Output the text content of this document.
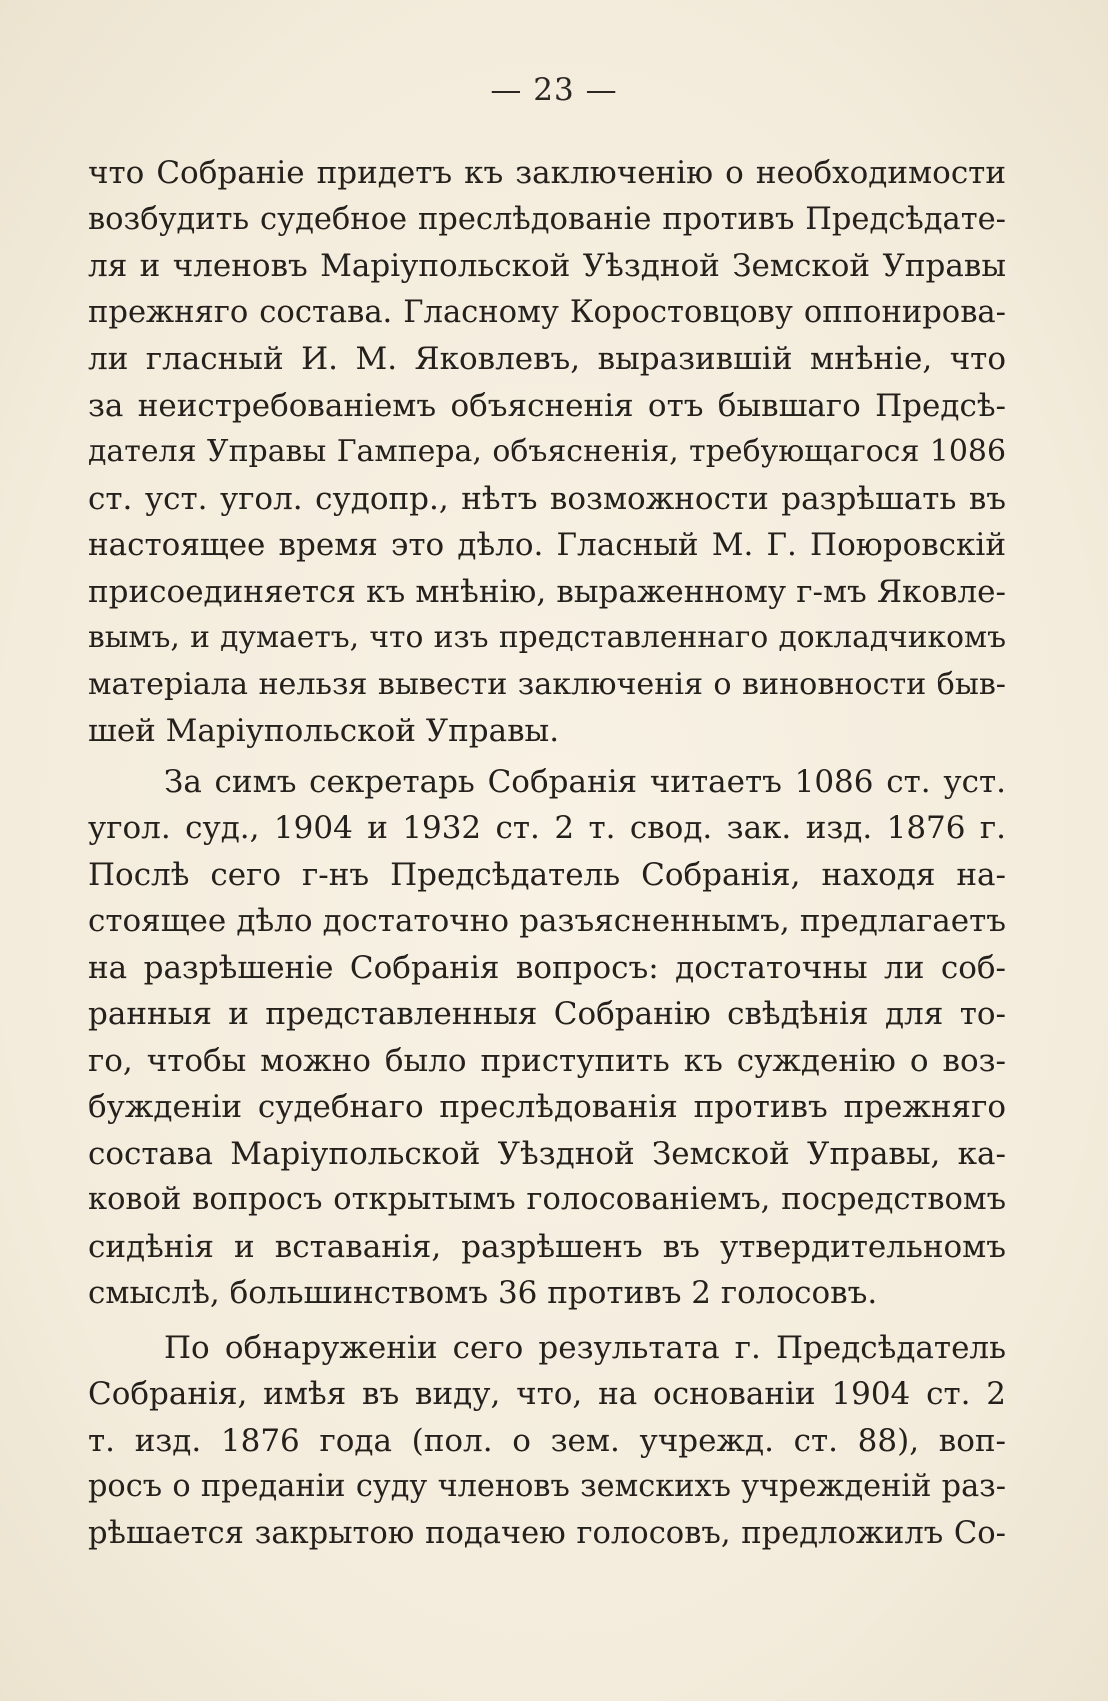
— 23 —
что Собраніе придетъ къ заключенію о необходимости
возбудить судебное преслѣдованіе противъ Предсѣдате-
ля и членовъ Маріупольской Уѣздной Земской Управы
прежняго состава. Гласному Коростовцову оппонирова-
ли гласный И. М. Яковлевъ, выразившій мнѣніе, что
за неистребованіемъ объясненія отъ бывшаго Предсѣ-
дателя Управы Гампера, объясненія, требующагося 1086
ст. уст. угол. судопр., нѣтъ возможности разрѣшать въ
настоящее время это дѣло. Гласный М. Г. Поюровскій
присоединяется къ мнѣнію, выраженному г-мъ Яковле-
вымъ, и думаетъ, что изъ представленнаго докладчикомъ
матеріала нельзя вывести заключенія о виновности быв-
шей Маріупольской Управы.
За симъ секретарь Собранія читаетъ 1086 ст. уст.
угол. суд., 1904 и 1932 ст. 2 т. свод. зак. изд. 1876 г.
Послѣ сего г-нъ Предсѣдатель Собранія, находя на-
стоящее дѣло достаточно разъясненнымъ, предлагаетъ
на разрѣшеніе Собранія вопросъ: достаточны ли соб-
ранныя и представленныя Собранію свѣдѣнія для то-
го, чтобы можно было приступить къ сужденію о воз-
бужденіи судебнаго преслѣдованія противъ прежняго
состава Маріупольской Уѣздной Земской Управы, ка-
ковой вопросъ открытымъ голосованіемъ, посредствомъ
сидѣнія и вставанія, разрѣшенъ въ утвердительномъ
смыслѣ, большинствомъ 36 противъ 2 голосовъ.
По обнаруженіи сего результата г. Предсѣдатель
Собранія, имѣя въ виду, что, на основаніи 1904 ст. 2
т. изд. 1876 года (пол. о зем. учрежд. ст. 88), воп-
росъ о преданіи суду членовъ земскихъ учрежденій раз-
рѣшается закрытою подачею голосовъ, предложилъ Со-
